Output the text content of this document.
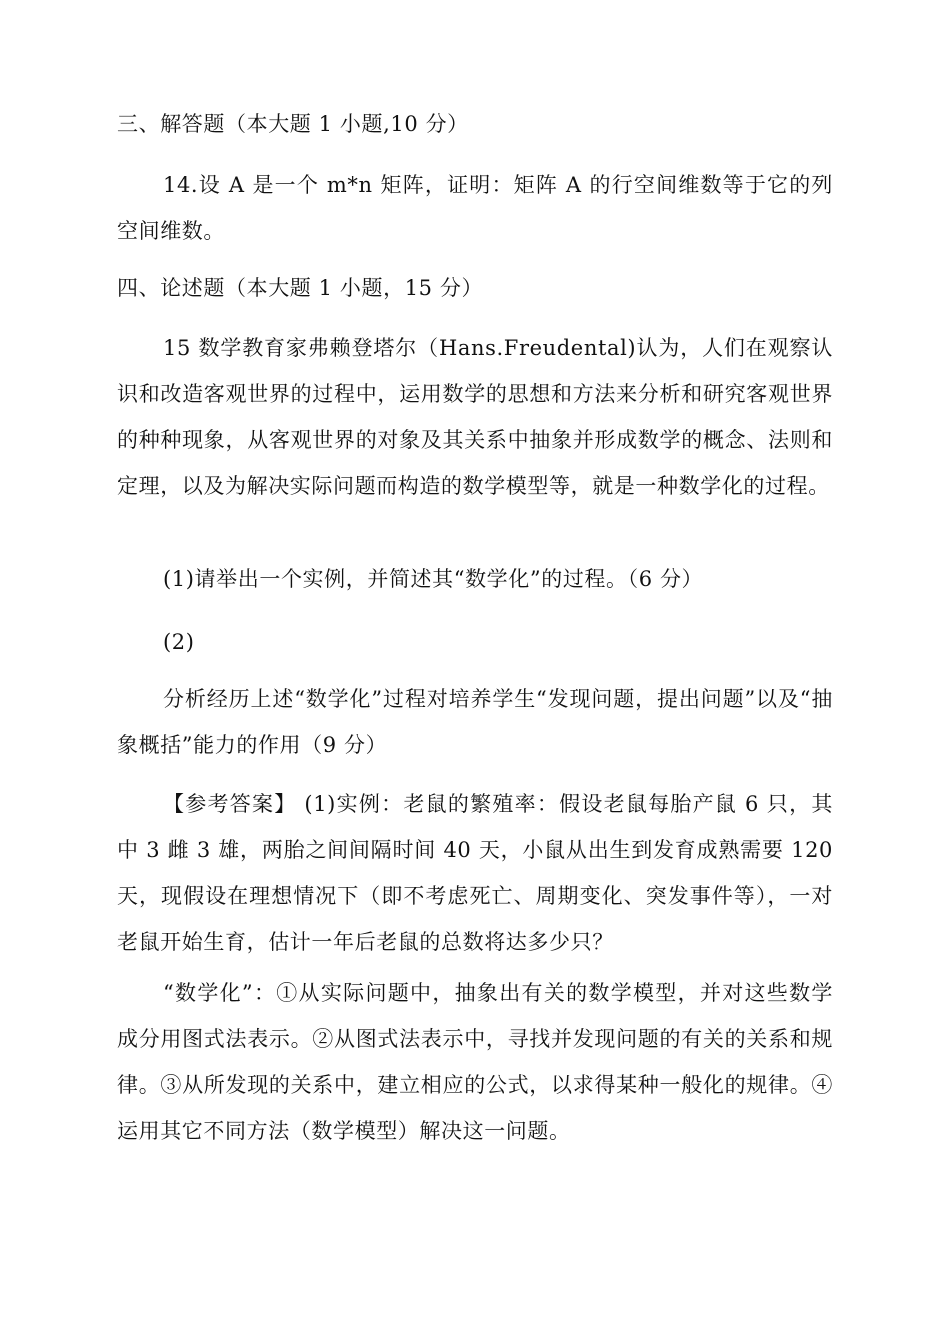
三、解答题（本大题 1 小题,10 分）
14.设 A 是一个 m*n 矩阵，证明：矩阵 A 的行空间维数等于它的列空间维数。
四、论述题（本大题 1 小题，15 分）
15 数学教育家弗赖登塔尔（Hans.Freudental)认为，人们在观察认识和改造客观世界的过程中，运用数学的思想和方法来分析和研究客观世界的种种现象，从客观世界的对象及其关系中抽象并形成数学的概念、法则和定理，以及为解决实际问题而构造的数学模型等，就是一种数学化的过程。
(1)请举出一个实例，并简述其“数学化”的过程。（6 分）
(2)
分析经历上述“数学化”过程对培养学生“发现问题，提出问题”以及“抽象概括”能力的作用（9 分）
【参考答案】 (1)实例：老鼠的繁殖率：假设老鼠每胎产鼠 6 只，其中 3 雌 3 雄，两胎之间间隔时间 40 天，小鼠从出生到发育成熟需要 120 天，现假设在理想情况下（即不考虑死亡、周期变化、突发事件等），一对老鼠开始生育，估计一年后老鼠的总数将达多少只？
“数学化”：①从实际问题中，抽象出有关的数学模型，并对这些数学成分用图式法表示。②从图式法表示中，寻找并发现问题的有关的关系和规律。③从所发现的关系中，建立相应的公式，以求得某种一般化的规律。④运用其它不同方法（数学模型）解决这一问题。
